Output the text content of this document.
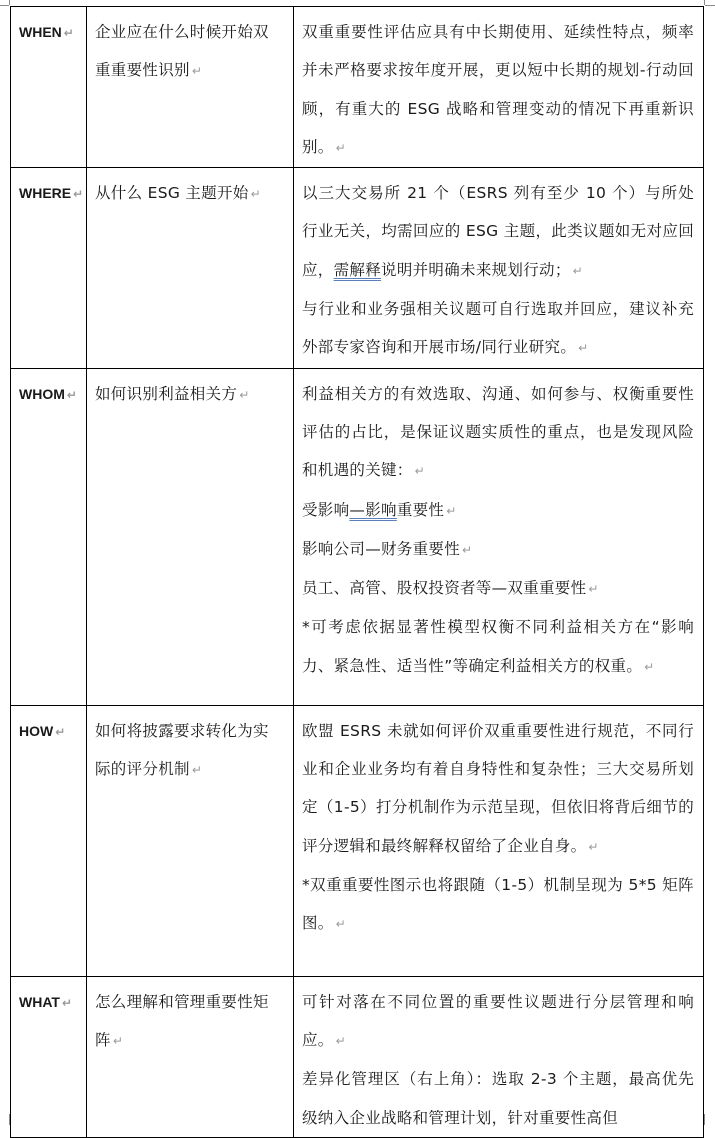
WHEN ↵	企业应在什么时候开始双重重要性识别 ↵	双重重要性评估应具有中长期使用、延续性特点，频率并未严格要求按年度开展，更以短中长期的规划-行动回顾，有重大的 ESG 战略和管理变动的情况下再重新识别。 ↵

WHERE ↵	从什么 ESG 主题开始 ↵	以三大交易所 21 个（ESRS 列有至少 10 个）与所处行业无关，均需回应的 ESG 主题，此类议题如无对应回应，需解释说明并明确未来规划行动； ↵
与行业和业务强相关议题可自行选取并回应，建议补充外部专家咨询和开展市场/同行业研究。 ↵

WHOM ↵	如何识别利益相关方 ↵	利益相关方的有效选取、沟通、如何参与、权衡重要性评估的占比，是保证议题实质性的重点，也是发现风险和机遇的关键： ↵
受影响—影响重要性 ↵
影响公司—财务重要性 ↵
员工、高管、股权投资者等—双重重要性 ↵
*可考虑依据显著性模型权衡不同利益相关方在“影响力、紧急性、适当性”等确定利益相关方的权重。 ↵

HOW ↵	如何将披露要求转化为实际的评分机制 ↵	欧盟 ESRS 未就如何评价双重重要性进行规范，不同行业和企业业务均有着自身特性和复杂性；三大交易所划定（1-5）打分机制作为示范呈现，但依旧将背后细节的评分逻辑和最终解释权留给了企业自身。 ↵
*双重重要性图示也将跟随（1-5）机制呈现为 5*5 矩阵图。 ↵

WHAT ↵	怎么理解和管理重要性矩阵 ↵	可针对落在不同位置的重要性议题进行分层管理和响应。 ↵
差异化管理区（右上角）：选取 2-3 个主题，最高优先级纳入企业战略和管理计划，针对重要性高但
